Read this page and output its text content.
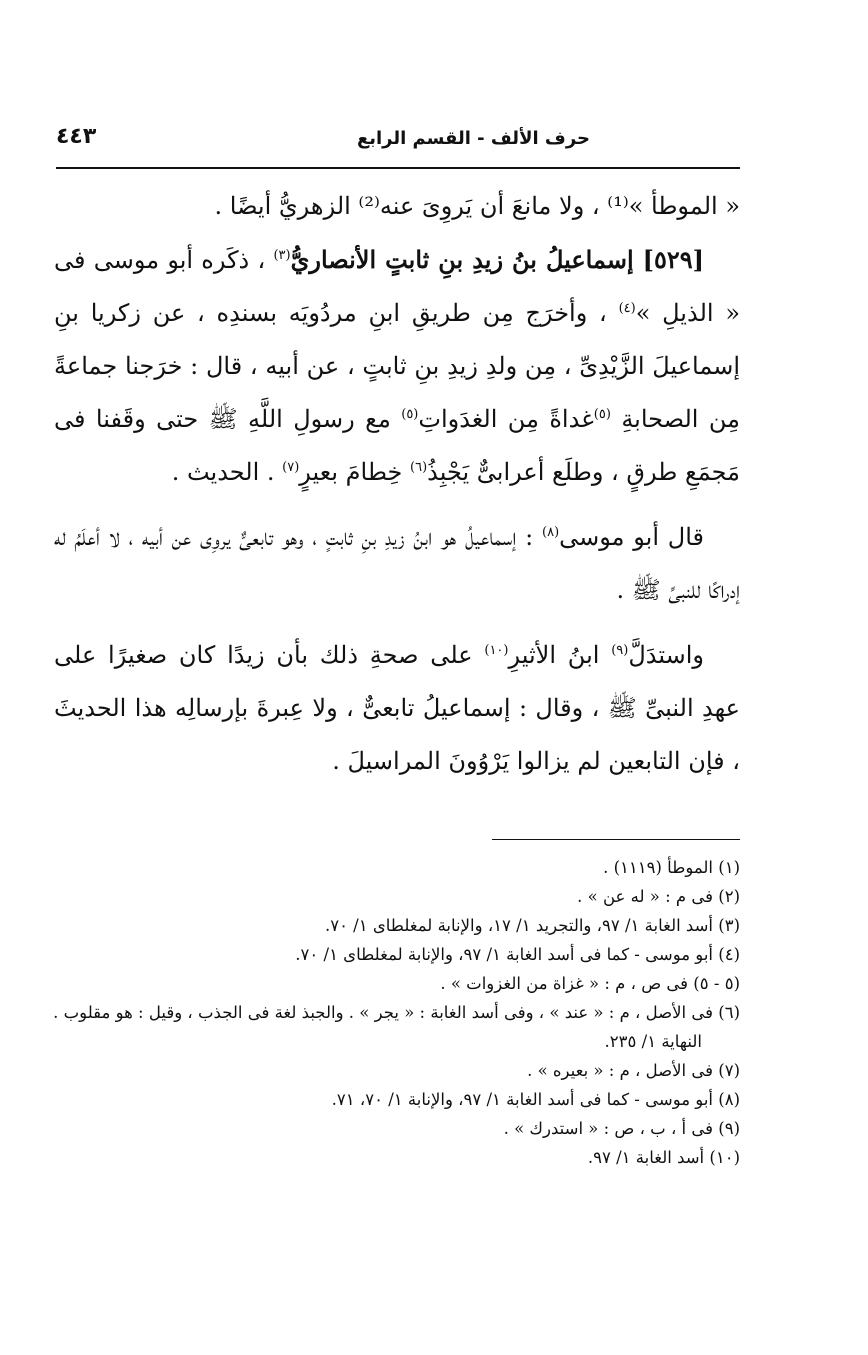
٤٤٣	حرف الألف - القسم الرابع

« الموطأ »⁽¹⁾ ، ولا مانعَ أن يَروِىَ عنه⁽²⁾ الزهريُّ أيضًا .

[٥٢٩] إسماعيلُ بنُ زيدِ بنِ ثابتٍ الأنصاريُّ$^{(٣)}$ ، ذكَره أبو موسى فى « الذيلِ »$^{(٤)}$ ، وأخرَج مِن طريقِ ابنِ مردُويَه بسندِه ، عن زكريا بنِ إسماعيلَ الزَّيْدِىِّ ، مِن ولدِ زيدِ بنِ ثابتٍ ، عن أبيه ، قال : خرَجنا جماعةً مِن الصحابةِ $^{(٥)}$غداةً مِن الغدَواتِ$^{(٥)}$ مع رسولِ اللَّهِ ﷺ حتى وقَفنا فى مَجمَعِ طرقٍ ، وطلَع أعرابىٌّ يَجْبِذُ$^{(٦)}$ خِطامَ بعيرٍ$^{(٧)}$ . الحديث .

قال أبو موسى$^{(٨)}$ : إسماعيلُ هو ابنُ زيدِ بنِ ثابتٍ ، وهو تابعىٌّ يروِى عن أبيه ، لا أعلَمُ له إدراكًا للنبىِّ ﷺ .

واستدَلَّ$^{(٩)}$ ابنُ الأثيرِ$^{(١٠)}$ على صحةِ ذلك بأن زيدًا كان صغيرًا على عهدِ النبىِّ ﷺ ، وقال : إسماعيلُ تابعىٌّ ، ولا عِبرةَ بإرسالِه هذا الحديثَ ، فإن التابعين لم يزالوا يَرْوُونَ المراسيلَ .

(١) الموطأ (١١١٩) .

(٢) فى م : « له عن » .

(٣) أسد الغابة ١/ ٩٧، والتجريد ١/ ١٧، والإنابة لمغلطاى ١/ ٧٠.

(٤) أبو موسى - كما فى أسد الغابة ١/ ٩٧، والإنابة لمغلطاى ١/ ٧٠.

(٥ - ٥) فى ص ، م : « غزاة من الغزوات » .

(٦) فى الأصل ، م : « عند » ، وفى أسد الغابة : « يجر » . والجبذ لغة فى الجذب ، وقيل : هو مقلوب .

النهاية ١/ ٢٣٥.

(٧) فى الأصل ، م : « بعيره » .

(٨) أبو موسى - كما فى أسد الغابة ١/ ٩٧، والإنابة ١/ ٧٠، ٧١.

(٩) فى أ ، ب ، ص : « استدرك » .

(١٠) أسد الغابة ١/ ٩٧.
